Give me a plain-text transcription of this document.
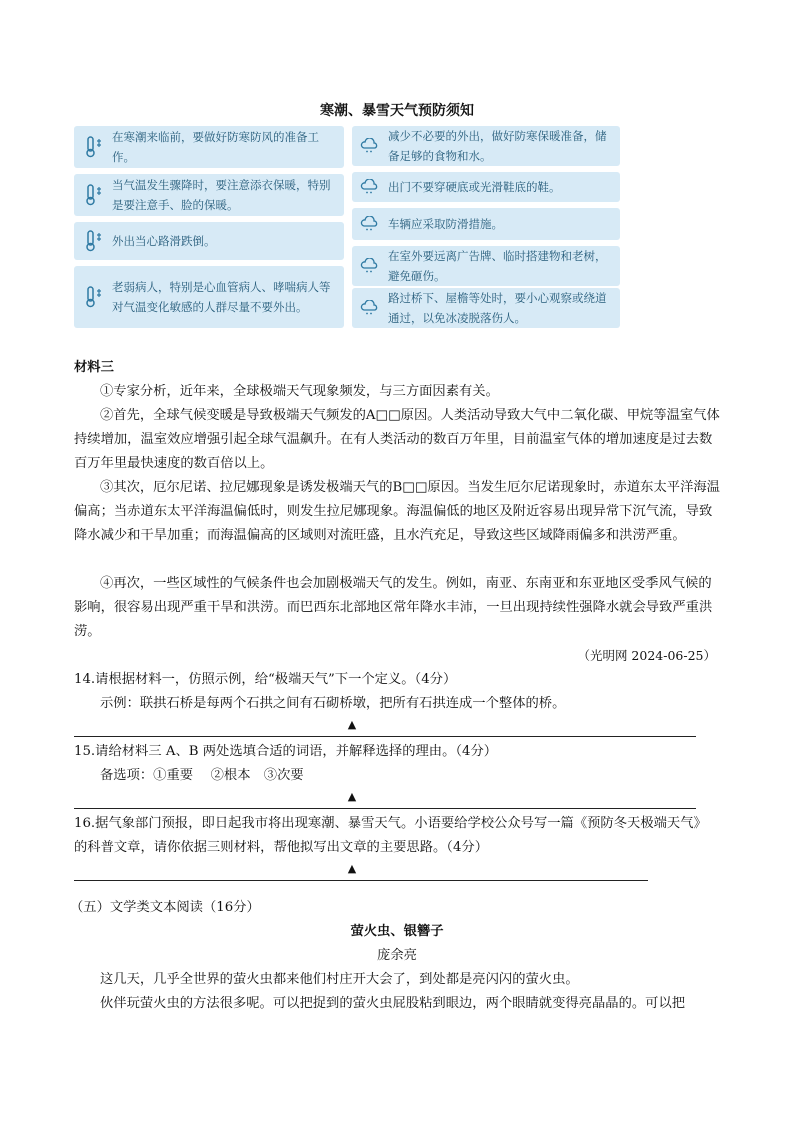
寒潮、暴雪天气预防须知
在寒潮来临前，要做好防寒防风的准备工作。
当气温发生骤降时，要注意添衣保暖，特别是要注意手、脸的保暖。
外出当心路滑跌倒。
老弱病人，特别是心血管病人、哮喘病人等对气温变化敏感的人群尽量不要外出。
减少不必要的外出，做好防寒保暖准备，储备足够的食物和水。
出门不要穿硬底或光滑鞋底的鞋。
车辆应采取防滑措施。
在室外要远离广告牌、临时搭建物和老树，避免砸伤。
路过桥下、屋檐等处时，要小心观察或绕道通过，以免冰凌脱落伤人。
材料三
①专家分析，近年来，全球极端天气现象频发，与三方面因素有关。
②首先，全球气候变暖是导致极端天气频发的A□□原因。人类活动导致大气中二氧化碳、甲烷等温室气体持续增加，温室效应增强引起全球气温飙升。在有人类活动的数百万年里，目前温室气体的增加速度是过去数百万年里最快速度的数百倍以上。
③其次，厄尔尼诺、拉尼娜现象是诱发极端天气的B□□原因。当发生厄尔尼诺现象时，赤道东太平洋海温偏高；当赤道东太平洋海温偏低时，则发生拉尼娜现象。海温偏低的地区及附近容易出现异常下沉气流，导致降水减少和干旱加重；而海温偏高的区域则对流旺盛，且水汽充足，导致这些区域降雨偏多和洪涝严重。
④再次，一些区域性的气候条件也会加剧极端天气的发生。例如，南亚、东南亚和东亚地区受季风气候的影响，很容易出现严重干旱和洪涝。而巴西东北部地区常年降水丰沛，一旦出现持续性强降水就会导致严重洪涝。
（光明网 2024-06-25）
14.请根据材料一，仿照示例，给“极端天气”下一个定义。（4分）
示例：联拱石桥是每两个石拱之间有石砌桥墩，把所有石拱连成一个整体的桥。
▲
15.请给材料三 A、B 两处选填合适的词语，并解释选择的理由。（4分）
备选项：①重要　 ②根本　③次要
▲
16.据气象部门预报，即日起我市将出现寒潮、暴雪天气。小语要给学校公众号写一篇《预防冬天极端天气》的科普文章，请你依据三则材料，帮他拟写出文章的主要思路。（4分）
▲
（五）文学类文本阅读（16分）
萤火虫、银簪子
庞余亮
这几天，几乎全世界的萤火虫都来他们村庄开大会了，到处都是亮闪闪的萤火虫。
伙伴玩萤火虫的方法很多呢。可以把捉到的萤火虫屁股粘到眼边，两个眼睛就变得亮晶晶的。可以把
